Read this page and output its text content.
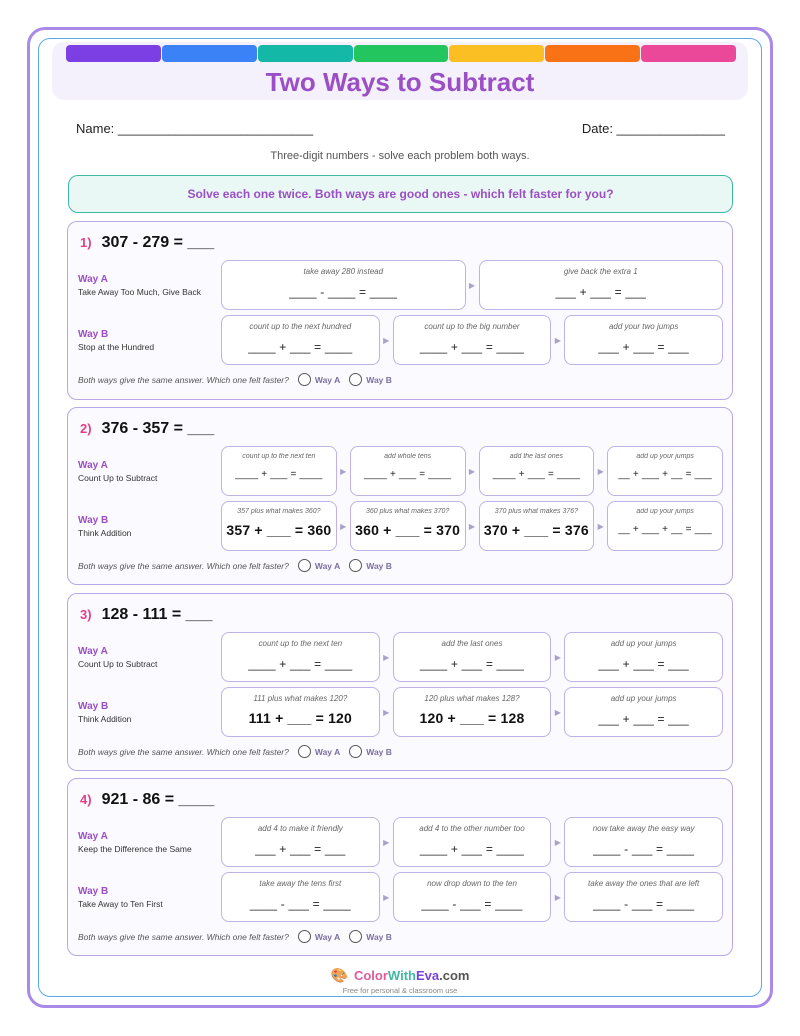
Two Ways to Subtract
Name: ___________________________	Date: _______________
Three-digit numbers - solve each problem both ways.
Solve each one twice. Both ways are good ones - which felt faster for you?
1) 307 - 279 = ___
Way A
Take Away Too Much, Give Back
take away 280 instead
____ - ____ = ____	▶
give back the extra 1
___ + ___ = ___
Way B
Stop at the Hundred
count up to the next hundred
____ + ___ = ____	▶
count up to the big number
____ + ___ = ____	▶
add your two jumps
___ + ___ = ___
Both ways give the same answer. Which one felt faster?	Way A	Way B
2) 376 - 357 = ___
Way A
Count Up to Subtract
count up to the next ten
____ + ___ = ____	▶
add whole tens
____ + ___ = ____	▶
add the last ones
____ + ___ = ____	▶
add up your jumps
__ + ___ + __ = ___
Way B
Think Addition
357 plus what makes 360?
357 + ___ = 360	▶
360 plus what makes 370?
360 + ___ = 370	▶
370 plus what makes 376?
370 + ___ = 376	▶
add up your jumps
__ + ___ + __ = ___
Both ways give the same answer. Which one felt faster?	Way A	Way B
3) 128 - 111 = ___
Way A
Count Up to Subtract
count up to the next ten
____ + ___ = ____	▶
add the last ones
____ + ___ = ____	▶
add up your jumps
___ + ___ = ___
Way B
Think Addition
111 plus what makes 120?
111 + ___ = 120	▶
120 plus what makes 128?
120 + ___ = 128	▶
add up your jumps
___ + ___ = ___
Both ways give the same answer. Which one felt faster?	Way A	Way B
4) 921 - 86 = ____
Way A
Keep the Difference the Same
add 4 to make it friendly
___ + ___ = ___	▶
add 4 to the other number too
____ + ___ = ____	▶
now take away the easy way
____ - ___ = ____
Way B
Take Away to Ten First
take away the tens first
____ - ___ = ____	▶
now drop down to the ten
____ - ___ = ____	▶
take away the ones that are left
____ - ___ = ____
Both ways give the same answer. Which one felt faster?	Way A	Way B
🎨 ColorWithEva.com
Free for personal & classroom use
